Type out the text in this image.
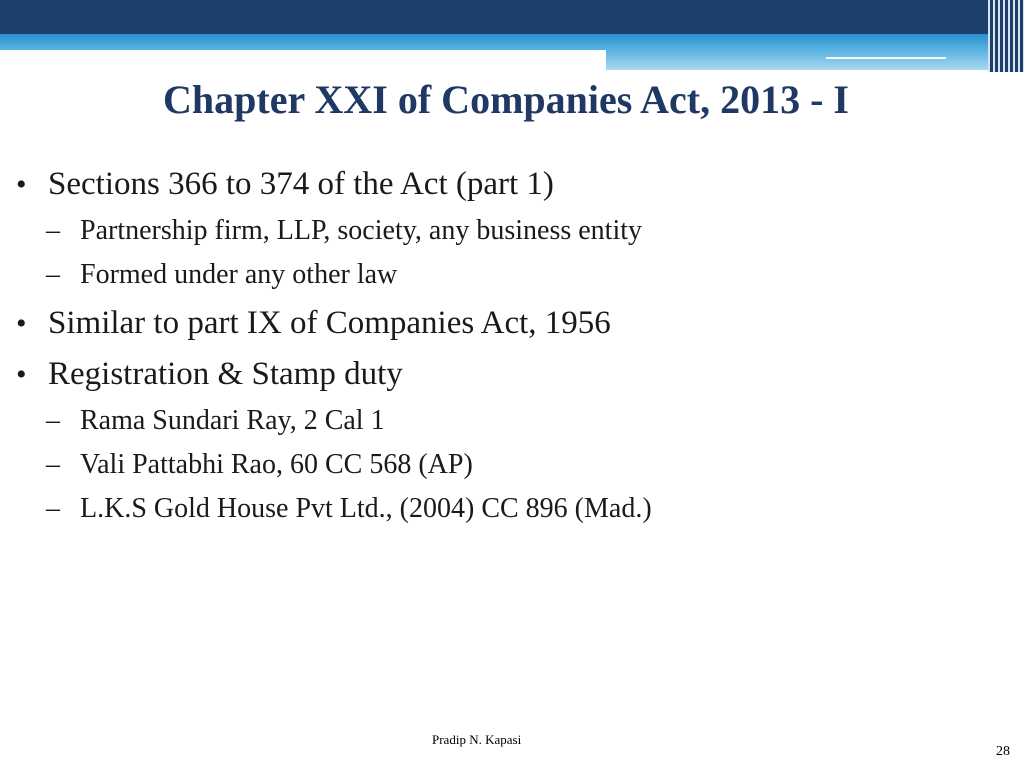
Chapter XXI of Companies Act, 2013 - I
• Sections 366 to 374 of the Act (part 1)
– Partnership firm, LLP, society, any business entity
– Formed under any other law
• Similar to part IX of Companies Act, 1956
• Registration & Stamp duty
– Rama Sundari Ray, 2 Cal 1
– Vali Pattabhi Rao, 60 CC 568 (AP)
– L.K.S Gold House Pvt Ltd., (2004) CC 896 (Mad.)
Pradip N. Kapasi
28
